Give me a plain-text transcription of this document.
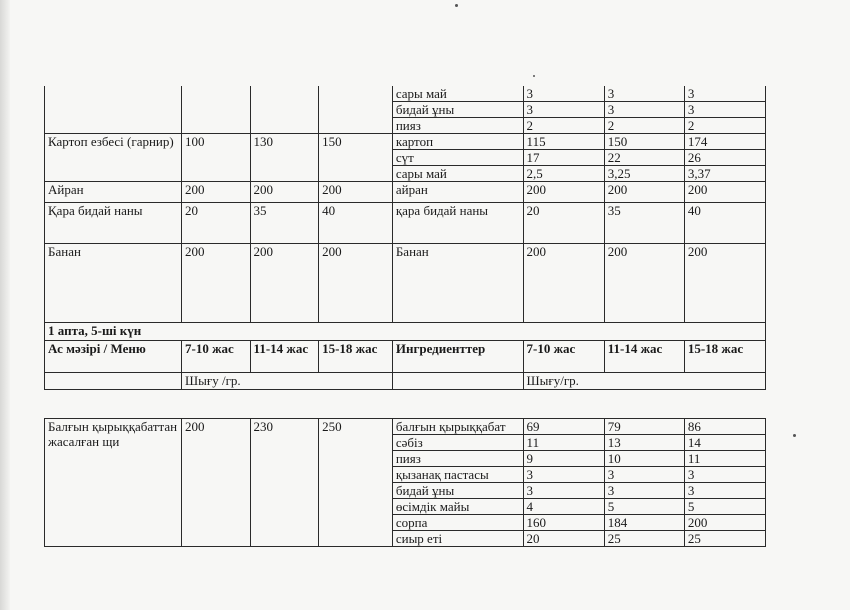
				сары май	3	3	3
				бидай ұны	3	3	3
				пияз	2	2	2
Картоп езбесі (гарнир)	100	130	150	картоп	115	150	174
				сүт	17	22	26
				сары май	2,5	3,25	3,37
Айран	200	200	200	айран	200	200	200
Қара бидай наны	20	35	40	қара бидай наны	20	35	40
Банан	200	200	200	Банан	200	200	200
1 апта, 5-ші күн							
Ас мәзірі / Меню	7-10 жас	11-14 жас	15-18 жас	Ингредиенттер	7-10 жас	11-14 жас	15-18 жас
	Шығу /гр.				Шығу/гр.		
Балғын қырыққабаттан жасалған щи	200	230	250	балғын қырыққабат	69	79	86
				сәбіз	11	13	14
				пияз	9	10	11
				қызанақ пастасы	3	3	3
				бидай ұны	3	3	3
				өсімдік майы	4	5	5
				сорпа	160	184	200
				сиыр еті	20	25	25
